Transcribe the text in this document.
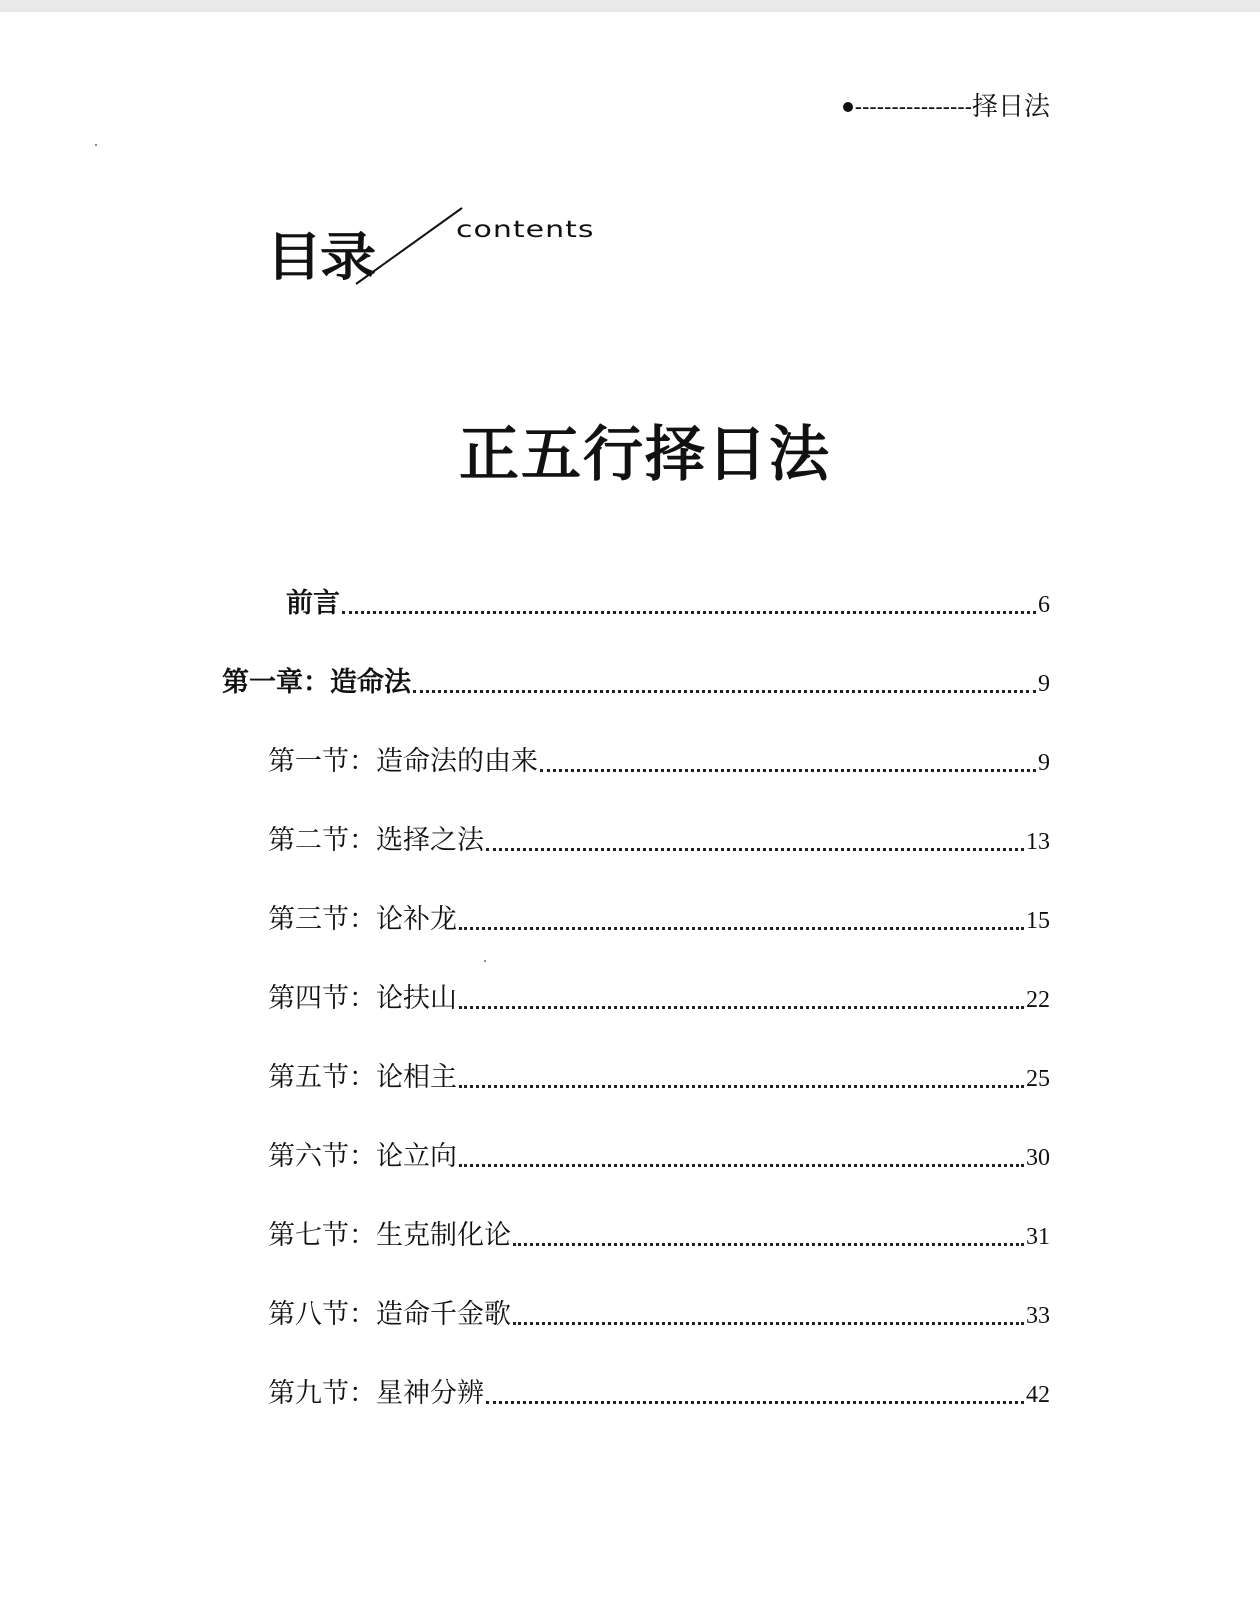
---------------- 择日法
目录	contents
正五行择日法
前言	6
第一章：造命法	9
第一节：造命法的由来	9
第二节：选择之法	13
第三节：论补龙	15
第四节：论扶山	22
第五节：论相主	25
第六节：论立向	30
第七节：生克制化论	31
第八节：造命千金歌	33
第九节：星神分辨	42
